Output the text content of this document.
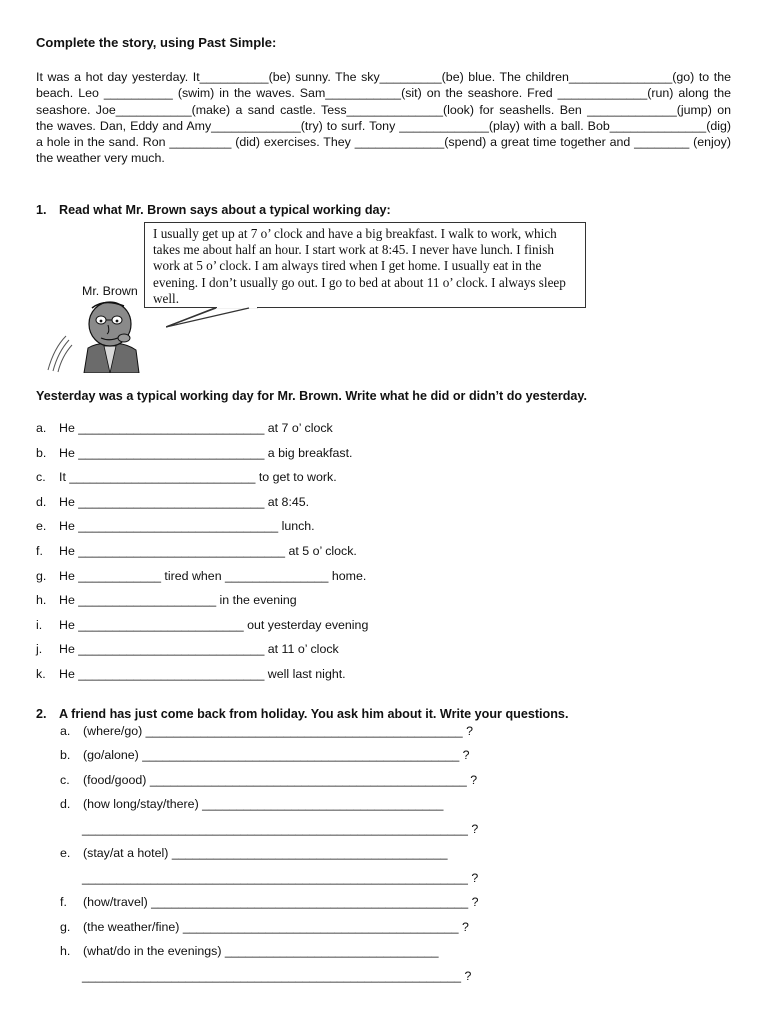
Complete the story, using Past Simple:
It was a hot day yesterday. It__________(be) sunny. The sky_________(be) blue. The children_______________(go) to the beach. Leo __________ (swim) in the waves. Sam___________(sit) on the seashore. Fred _____________(run) along the seashore. Joe___________(make) a sand castle. Tess______________(look) for seashells. Ben _____________(jump) on the waves. Dan, Eddy and Amy_____________(try) to surf. Tony _____________(play) with a ball. Bob______________(dig) a hole in the sand. Ron _________ (did) exercises. They _____________(spend) a great time together and ________ (enjoy) the weather very much.
1. Read what Mr. Brown says about a typical working day:
Mr. Brown
I usually get up at 7 o’ clock and have a big breakfast. I walk to work, which takes me about half an hour. I start work at 8:45. I never have lunch. I finish work at 5 o’ clock. I am always tired when I get home. I usually eat in the evening. I don’t usually go out. I go to bed at about 11 o’ clock. I always sleep well.
Yesterday was a typical working day for Mr. Brown. Write what he did or didn’t do yesterday.
a. He ___________________________ at 7 o’ clock
b. He ___________________________ a big breakfast.
c. It ___________________________ to get to work.
d. He ___________________________ at 8:45.
e. He _____________________________ lunch.
f. He ______________________________ at 5 o’ clock.
g. He ____________ tired when _______________ home.
h. He ____________________ in the evening
i. He ________________________ out yesterday evening
j. He ___________________________ at 11 o’ clock
k. He ___________________________ well last night.
2. A friend has just come back from holiday. You ask him about it. Write your questions.
a. (where/go) ______________________________________________ ?
b. (go/alone) ______________________________________________ ?
c. (food/good) ______________________________________________ ?
d. (how long/stay/there) ___________________________________
________________________________________________________ ?
e. (stay/at a hotel) ________________________________________
________________________________________________________ ?
f. (how/travel) ______________________________________________ ?
g. (the weather/fine) ________________________________________ ?
h. (what/do in the evenings) _______________________________
_______________________________________________________ ?
